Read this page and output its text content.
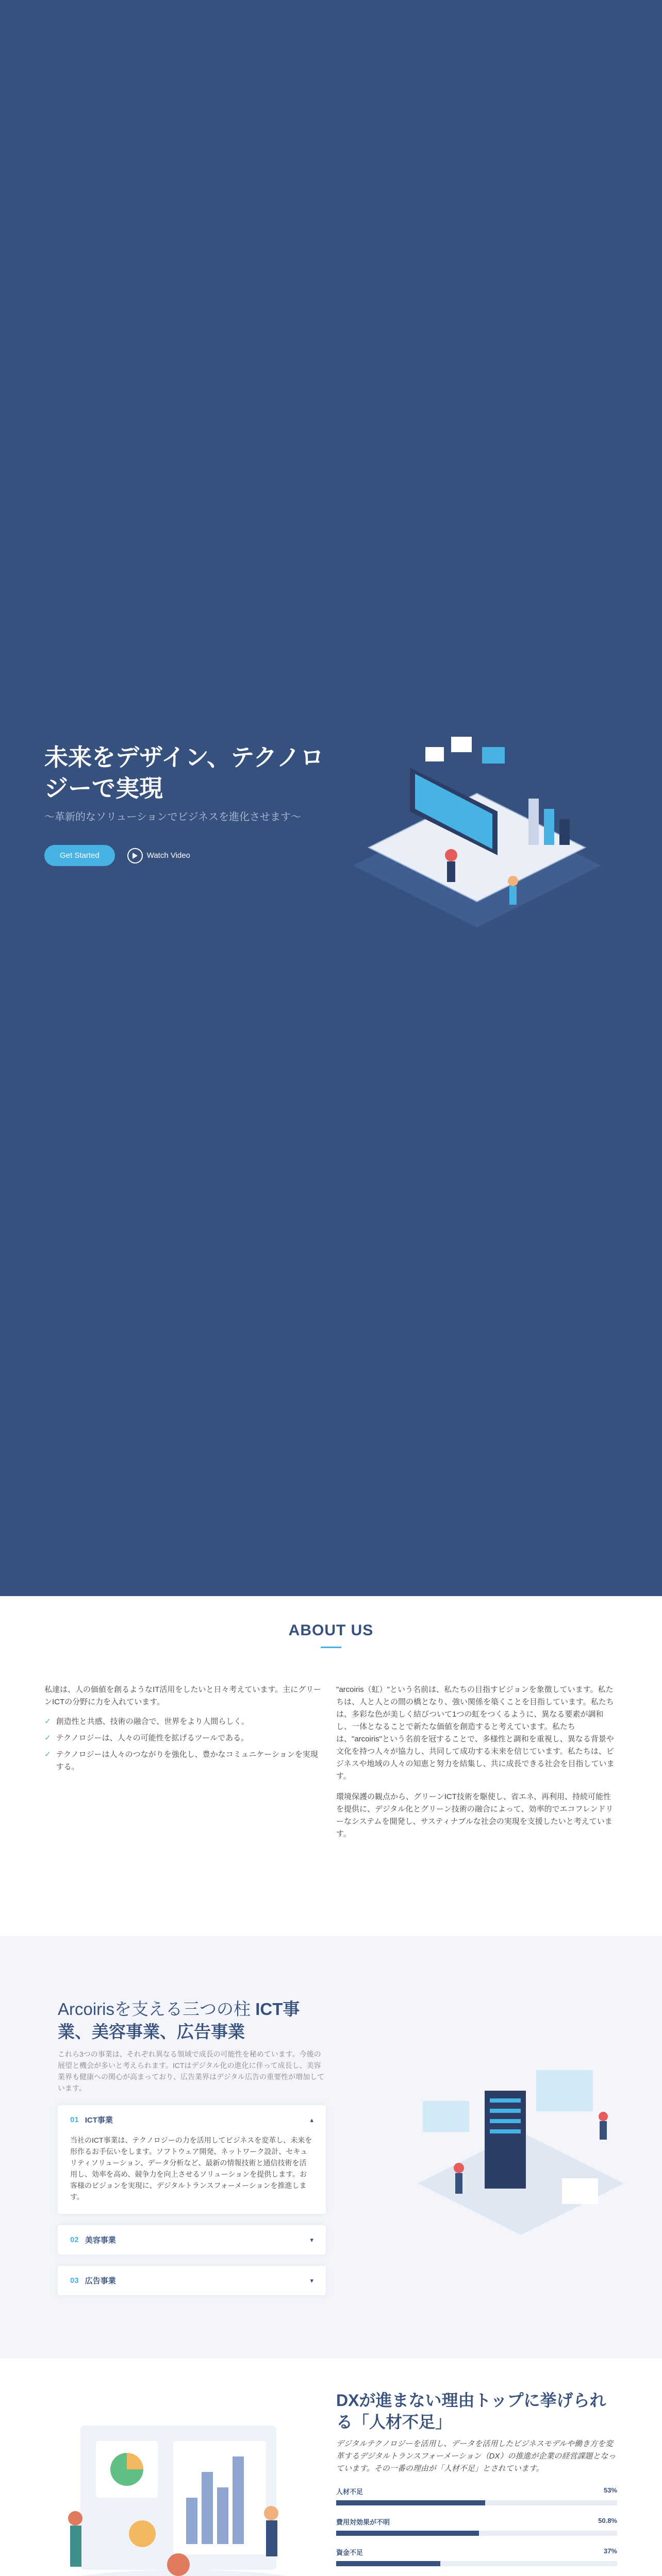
未来をデザイン、テクノロジーで実現

〜革新的なソリューションでビジネスを進化させます〜

Get Started	Watch Video
ABOUT US

私達は、人の価値を創るようなIT活用をしたいと日々考えています。主にグリーンICTの分野に力を入れています。

✓ 創造性と共感、技術の融合で、世界をより人間らしく。
✓ テクノロジーは、人々の可能性を拡げるツールである。
✓ テクノロジーは人々のつながりを強化し、豊かなコミュニケーションを実現する。

"arcoiris（虹）"という名前は、私たちの目指すビジョンを象徴しています。私たちは、人と人との間の橋となり、強い関係を築くことを目指しています。私たちは、多彩な色が美しく結びついて1つの虹をつくるように、異なる要素が調和し、一体となることで新たな価値を創造すると考えています。私たちは、"arcoiris"という名前を冠することで、多様性と調和を重視し、異なる背景や文化を持つ人々が協力し、共同して成功する未来を信じています。私たちは、ビジネスや地域の人々の知恵と努力を結集し、共に成長できる社会を目指しています。

環境保護の観点から、グリーンICT技術を駆使し、省エネ、再利用、持続可能性を提供に、デジタル化とグリーン技術の融合によって、効率的でエコフレンドリーなシステムを開発し、サスティナブルな社会の実現を支援したいと考えています。

Arcoirisを支える三つの柱 ICT事業、美容事業、広告事業

これら3つの事業は、それぞれ異なる領域で成長の可能性を秘めています。今後の展望と機会が多いと考えられます。ICTはデジタル化の進化に伴って成長し、美容業界も健康への関心が高まっており、広告業界はデジタル広告の重要性が増加しています。

01 ICT事業	▴

当社のICT事業は、テクノロジーの力を活用してビジネスを変革し、未来を形作るお手伝いをします。ソフトウェア開発、ネットワーク設計、セキュリティソリューション、データ分析など、最新の情報技術と通信技術を活用し、効率を高め、競争力を向上させるソリューションを提供します。お客様のビジョンを実現に、デジタルトランスフォーメーションを推進します。

02 美容事業	▾
03 広告事業	▾
DXが進まない理由トップに挙げられる「人材不足」

デジタルテクノロジーを活用し、データを活用したビジネスモデルや働き方を変革するデジタルトランスフォーメーション（DX）の推進が企業の経営課題となっています。その一番の理由が「人材不足」とされています。

人材不足	53%
費用対効果が不明	50.8%
資金不足	37%
